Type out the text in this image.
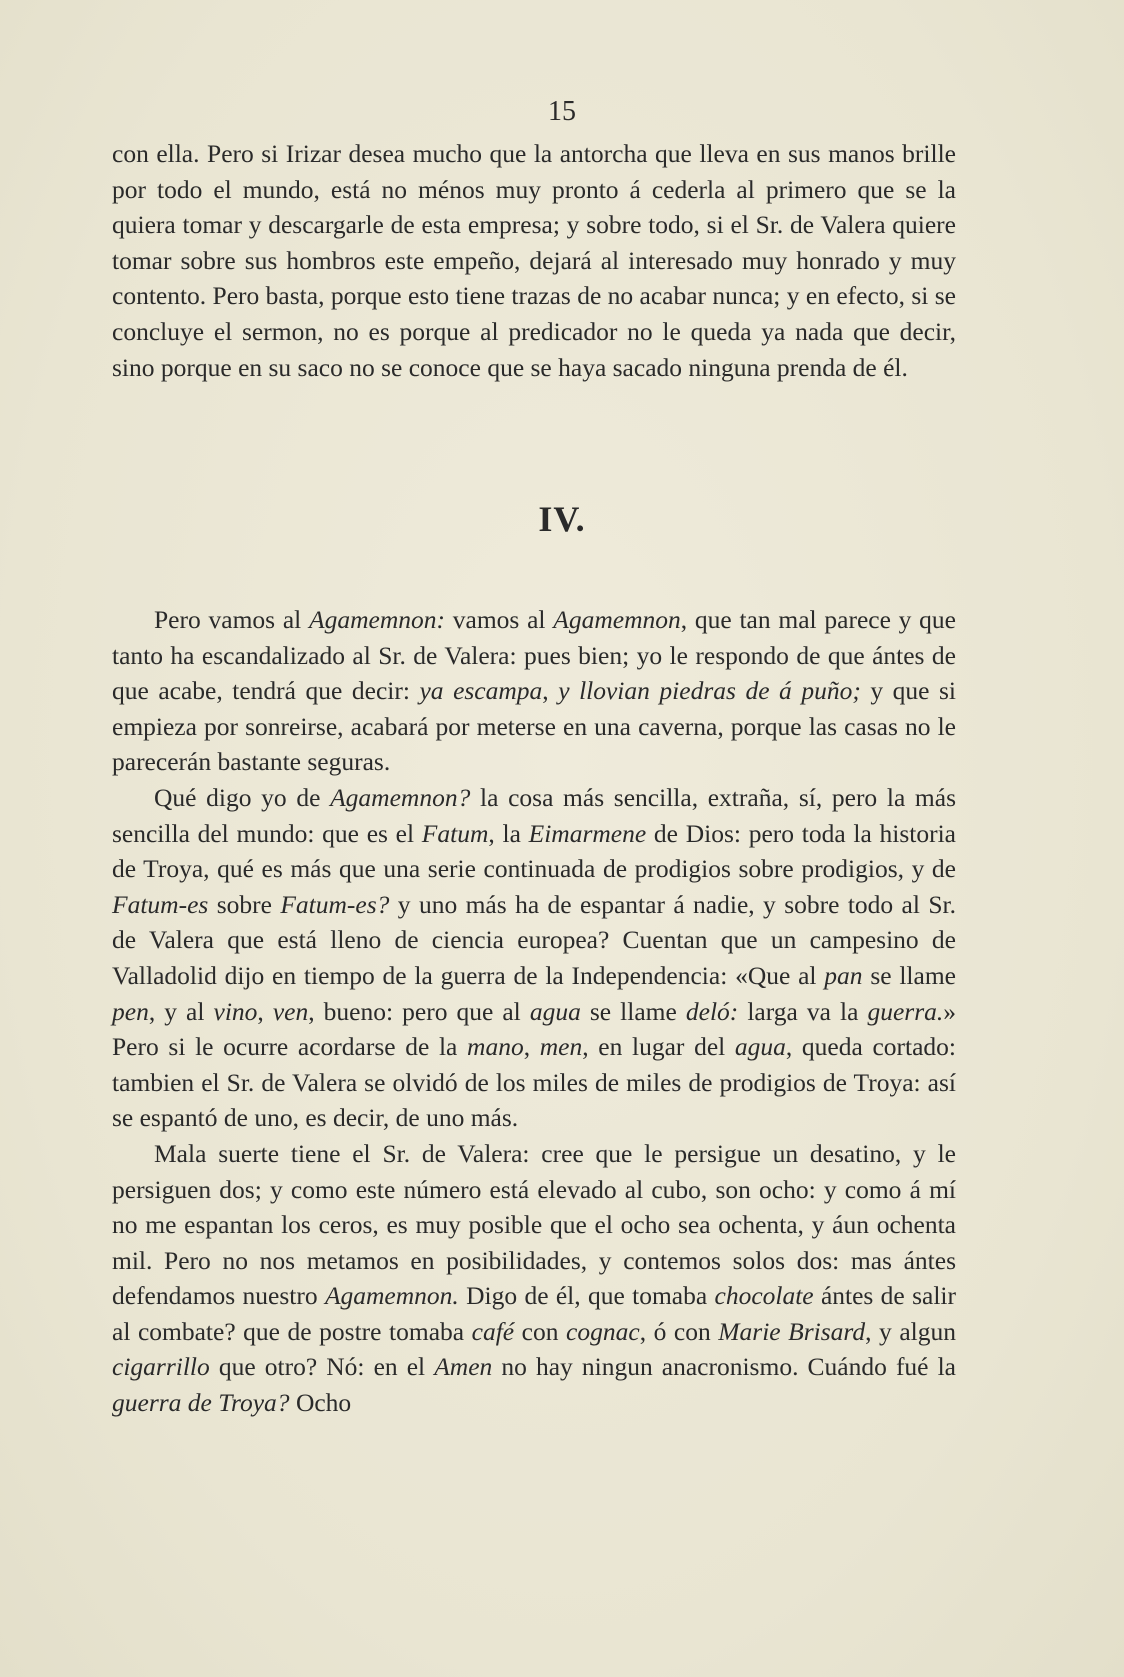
15

con ella. Pero si Irizar desea mucho que la antorcha que lleva en sus manos brille por todo el mundo, está no ménos muy pronto á cederla al primero que se la quiera tomar y descargarle de esta empresa; y sobre todo, si el Sr. de Valera quiere tomar sobre sus hombros este empeño, dejará al interesado muy honrado y muy contento. Pero basta, porque esto tiene trazas de no acabar nunca; y en efecto, si se concluye el sermon, no es porque al predicador no le queda ya nada que decir, sino porque en su saco no se conoce que se haya sacado ninguna prenda de él.

IV.

Pero vamos al Agamemnon: vamos al Agamemnon, que tan mal parece y que tanto ha escandalizado al Sr. de Valera: pues bien; yo le respondo de que ántes de que acabe, tendrá que decir: ya escampa, y llovian piedras de á puño; y que si empieza por sonreirse, acabará por meterse en una caverna, porque las casas no le parecerán bastante seguras.

Qué digo yo de Agamemnon? la cosa más sencilla, extraña, sí, pero la más sencilla del mundo: que es el Fatum, la Eimarmene de Dios: pero toda la historia de Troya, qué es más que una serie continuada de prodigios sobre prodigios, y de Fatum-es sobre Fatum-es? y uno más ha de espantar á nadie, y sobre todo al Sr. de Valera que está lleno de ciencia europea? Cuentan que un campesino de Valladolid dijo en tiempo de la guerra de la Independencia: «Que al pan se llame pen, y al vino, ven, bueno: pero que al agua se llame deló: larga va la guerra.» Pero si le ocurre acordarse de la mano, men, en lugar del agua, queda cortado: tambien el Sr. de Valera se olvidó de los miles de miles de prodigios de Troya: así se espantó de uno, es decir, de uno más.

Mala suerte tiene el Sr. de Valera: cree que le persigue un desatino, y le persiguen dos; y como este número está elevado al cubo, son ocho: y como á mí no me espantan los ceros, es muy posible que el ocho sea ochenta, y áun ochenta mil. Pero no nos metamos en posibilidades, y contemos solos dos: mas ántes defendamos nuestro Agamemnon. Digo de él, que tomaba chocolate ántes de salir al combate? que de postre tomaba café con cognac, ó con Marie Brisard, y algun cigarrillo que otro? Nó: en el Amen no hay ningun anacronismo. Cuándo fué la guerra de Troya? Ocho
